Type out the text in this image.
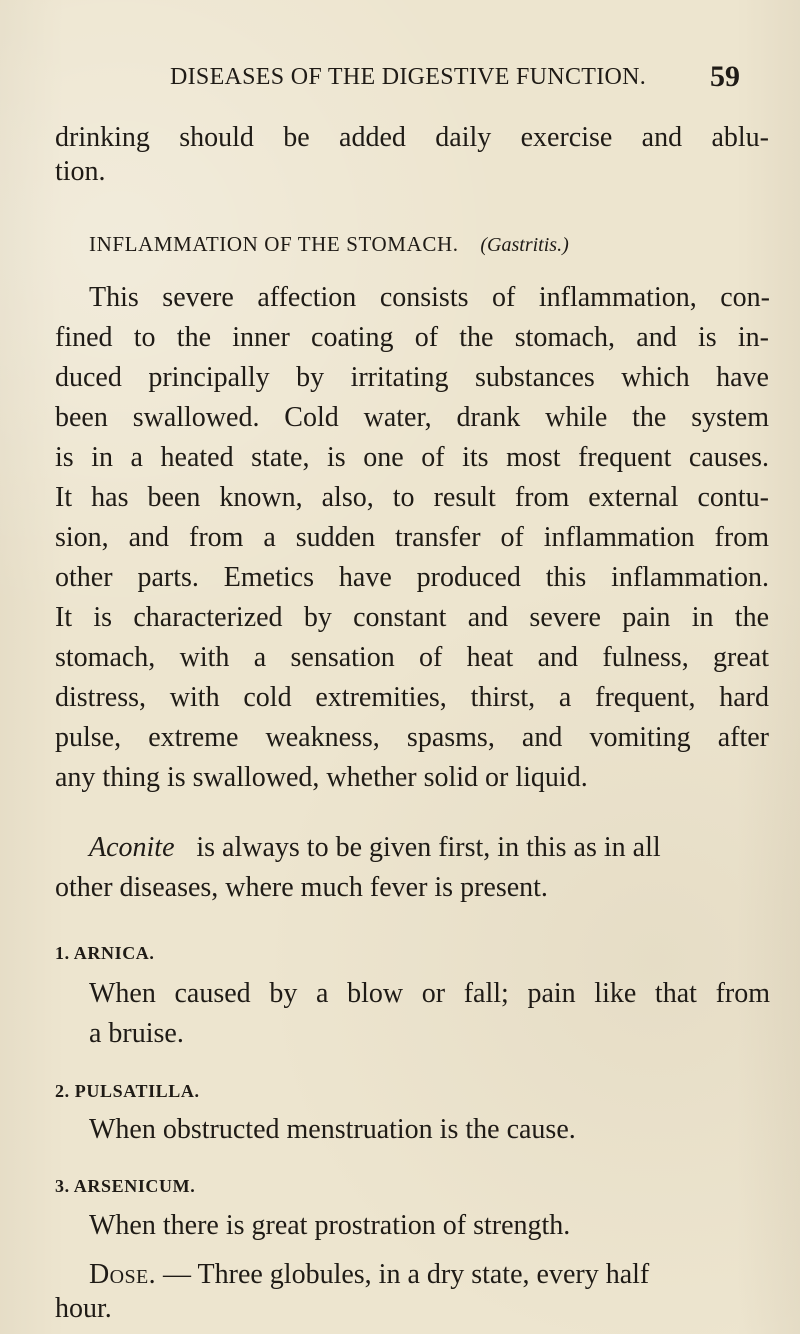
DISEASES OF THE DIGESTIVE FUNCTION. 59
drinking should be added daily exercise and ablu-
tion.
INFLAMMATION OF THE STOMACH. (Gastritis.)
This severe affection consists of inflammation, con-
fined to the inner coating of the stomach, and is in-
duced principally by irritating substances which have
been swallowed. Cold water, drank while the system
is in a heated state, is one of its most frequent causes.
It has been known, also, to result from external contu-
sion, and from a sudden transfer of inflammation from
other parts. Emetics have produced this inflammation.
It is characterized by constant and severe pain in the
stomach, with a sensation of heat and fulness, great
distress, with cold extremities, thirst, a frequent, hard
pulse, extreme weakness, spasms, and vomiting after
any thing is swallowed, whether solid or liquid.
Aconite is always to be given first, in this as in all
other diseases, where much fever is present.
1. ARNICA.
When caused by a blow or fall; pain like that from
a bruise.
2. PULSATILLA.
When obstructed menstruation is the cause.
3. ARSENICUM.
When there is great prostration of strength.
Dose. — Three globules, in a dry state, every half
hour.
